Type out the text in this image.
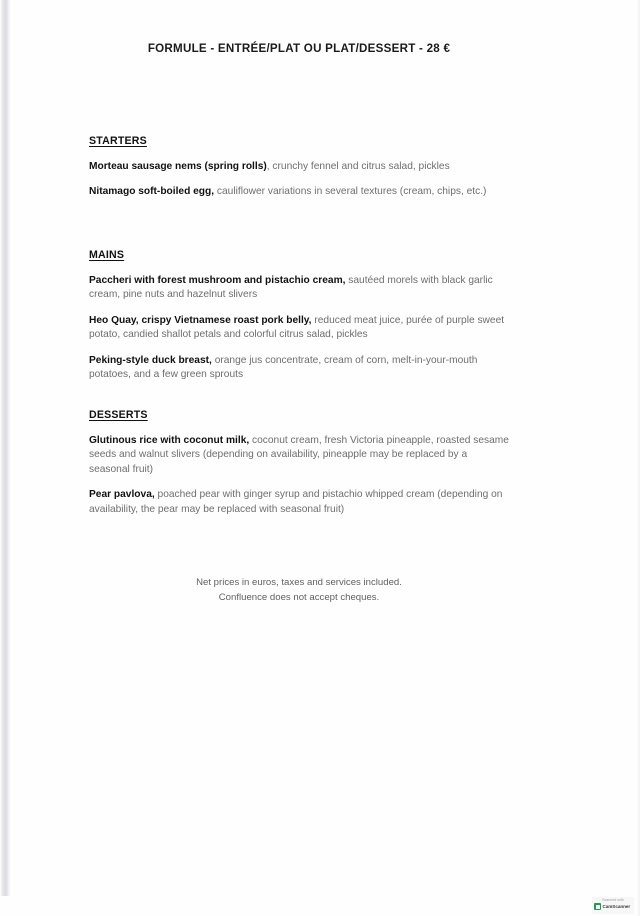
FORMULE - ENTRÉE/PLAT OU PLAT/DESSERT - 28 €
STARTERS

Morteau sausage nems (spring rolls), crunchy fennel and citrus salad, pickles

Nitamago soft-boiled egg, cauliflower variations in several textures (cream, chips, etc.)

MAINS

Paccheri with forest mushroom and pistachio cream, sautéed morels with black garlic cream, pine nuts and hazelnut slivers

Heo Quay, crispy Vietnamese roast pork belly, reduced meat juice, purée of purple sweet potato, candied shallot petals and colorful citrus salad, pickles

Peking-style duck breast, orange jus concentrate, cream of corn, melt-in-your-mouth potatoes, and a few green sprouts

DESSERTS

Glutinous rice with coconut milk, coconut cream, fresh Victoria pineapple, roasted sesame seeds and walnut slivers (depending on availability, pineapple may be replaced by a seasonal fruit)

Pear pavlova, poached pear with ginger syrup and pistachio whipped cream (depending on availability, the pear may be replaced with seasonal fruit)

Net prices in euros, taxes and services included.
Confluence does not accept cheques.
Scanned with
CamScanner
